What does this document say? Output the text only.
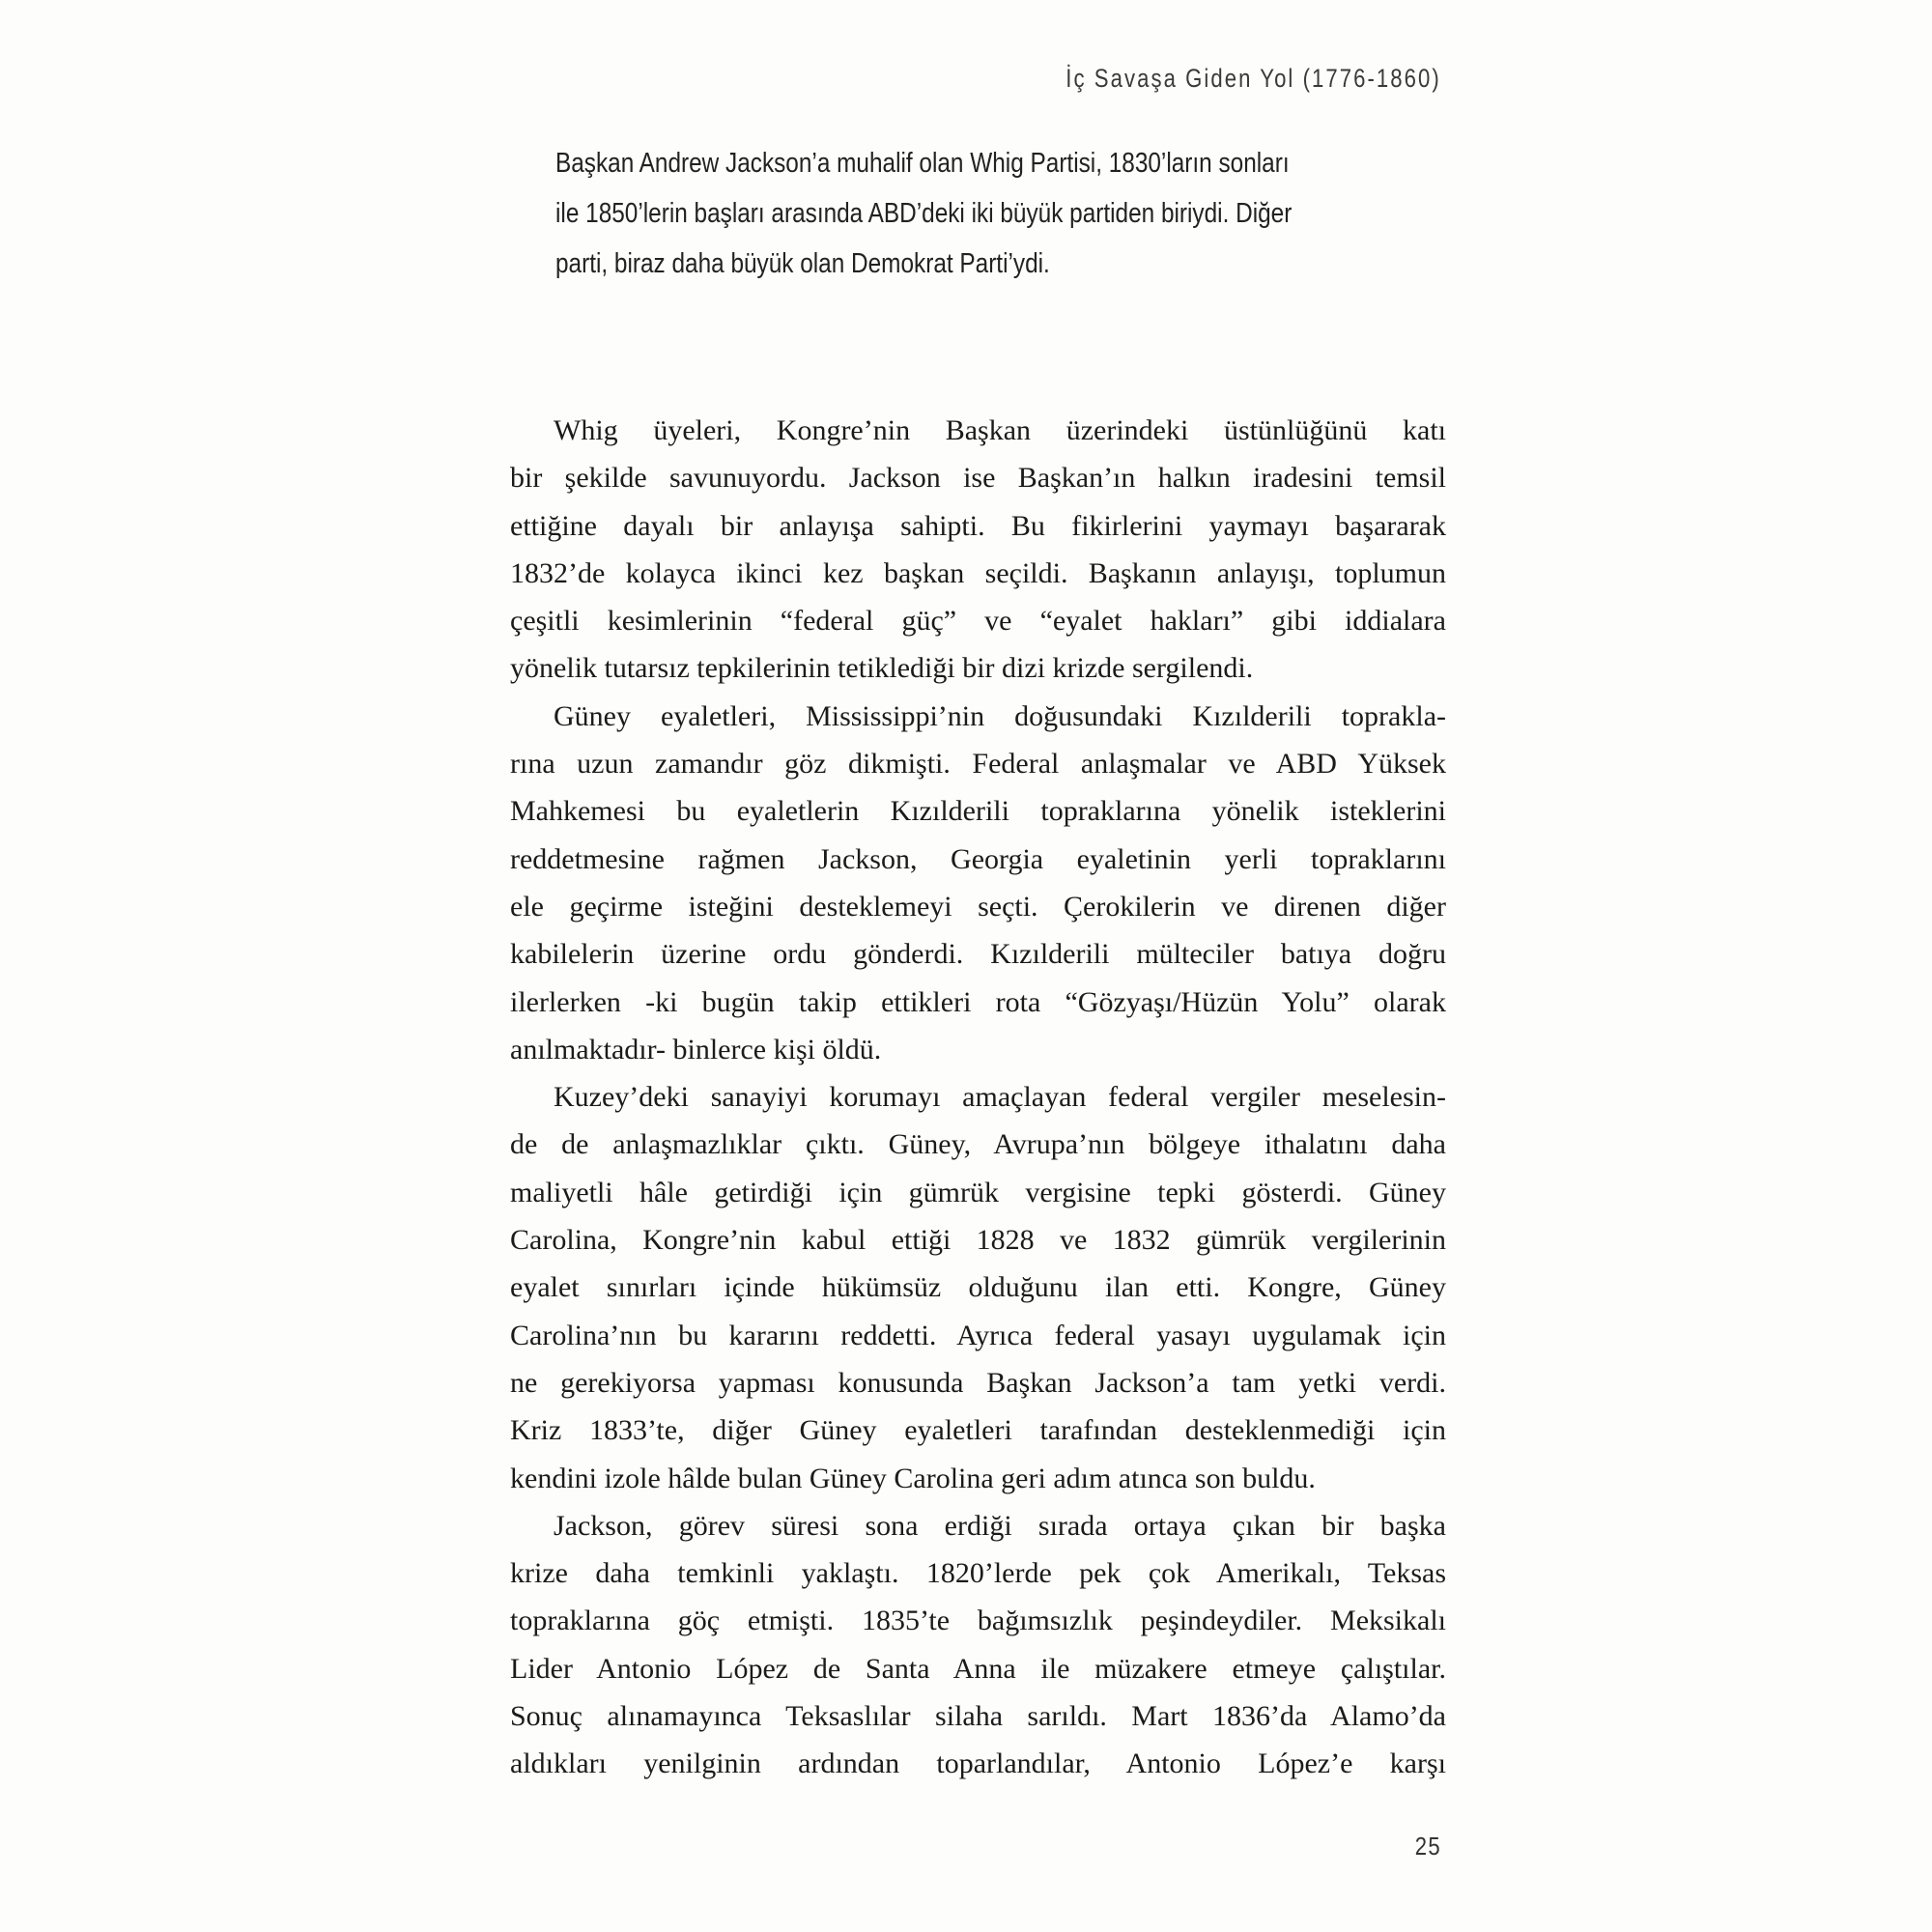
İç Savaşa Giden Yol (1776-1860)
Başkan Andrew Jackson’a muhalif olan Whig Partisi, 1830’ların sonları
ile 1850’lerin başları arasında ABD’deki iki büyük partiden biriydi. Diğer
parti, biraz daha büyük olan Demokrat Parti’ydi.
Whig üyeleri, Kongre’nin Başkan üzerindeki üstünlüğünü katı
bir şekilde savunuyordu. Jackson ise Başkan’ın halkın iradesini temsil
ettiğine dayalı bir anlayışa sahipti. Bu fikirlerini yaymayı başararak
1832’de kolayca ikinci kez başkan seçildi. Başkanın anlayışı, toplumun
çeşitli kesimlerinin “federal güç” ve “eyalet hakları” gibi iddialara
yönelik tutarsız tepkilerinin tetiklediği bir dizi krizde sergilendi.
Güney eyaletleri, Mississippi’nin doğusundaki Kızılderili toprakla-
rına uzun zamandır göz dikmişti. Federal anlaşmalar ve ABD Yüksek
Mahkemesi bu eyaletlerin Kızılderili topraklarına yönelik isteklerini
reddetmesine rağmen Jackson, Georgia eyaletinin yerli topraklarını
ele geçirme isteğini desteklemeyi seçti. Çerokilerin ve direnen diğer
kabilelerin üzerine ordu gönderdi. Kızılderili mülteciler batıya doğru
ilerlerken -ki bugün takip ettikleri rota “Gözyaşı/Hüzün Yolu” olarak
anılmaktadır- binlerce kişi öldü.
Kuzey’deki sanayiyi korumayı amaçlayan federal vergiler meselesin-
de de anlaşmazlıklar çıktı. Güney, Avrupa’nın bölgeye ithalatını daha
maliyetli hâle getirdiği için gümrük vergisine tepki gösterdi. Güney
Carolina, Kongre’nin kabul ettiği 1828 ve 1832 gümrük vergilerinin
eyalet sınırları içinde hükümsüz olduğunu ilan etti. Kongre, Güney
Carolina’nın bu kararını reddetti. Ayrıca federal yasayı uygulamak için
ne gerekiyorsa yapması konusunda Başkan Jackson’a tam yetki verdi.
Kriz 1833’te, diğer Güney eyaletleri tarafından desteklenmediği için
kendini izole hâlde bulan Güney Carolina geri adım atınca son buldu.
Jackson, görev süresi sona erdiği sırada ortaya çıkan bir başka
krize daha temkinli yaklaştı. 1820’lerde pek çok Amerikalı, Teksas
topraklarına göç etmişti. 1835’te bağımsızlık peşindeydiler. Meksikalı
Lider Antonio López de Santa Anna ile müzakere etmeye çalıştılar.
Sonuç alınamayınca Teksaslılar silaha sarıldı. Mart 1836’da Alamo’da
aldıkları yenilginin ardından toparlandılar, Antonio López’e karşı
25
